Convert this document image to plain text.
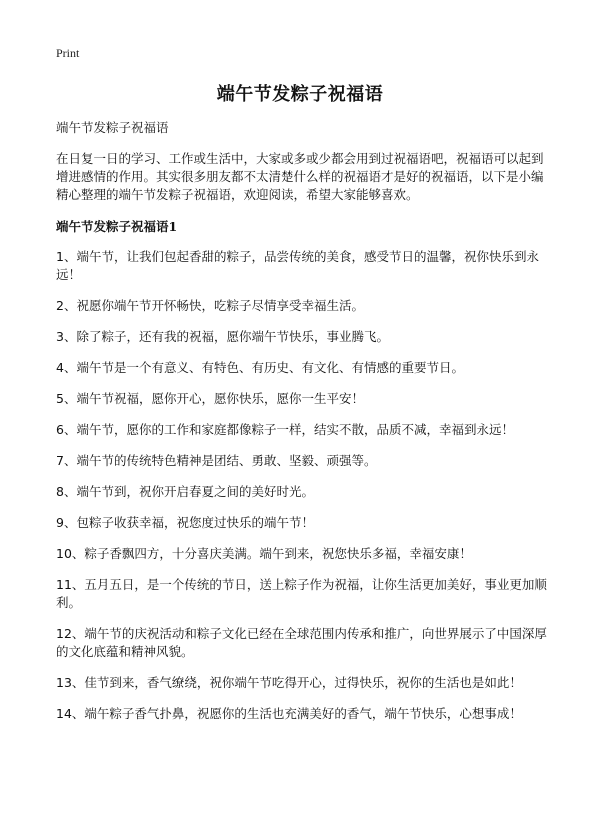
Print
端午节发粽子祝福语

端午节发粽子祝福语

在日复一日的学习、工作或生活中，大家或多或少都会用到过祝福语吧，祝福语可以起到增进感情的作用。其实很多朋友都不太清楚什么样的祝福语才是好的祝福语，以下是小编精心整理的端午节发粽子祝福语，欢迎阅读，希望大家能够喜欢。

端午节发粽子祝福语1

1、端午节，让我们包起香甜的粽子，品尝传统的美食，感受节日的温馨，祝你快乐到永远！
2、祝愿你端午节开怀畅快，吃粽子尽情享受幸福生活。
3、除了粽子，还有我的祝福，愿你端午节快乐，事业腾飞。
4、端午节是一个有意义、有特色、有历史、有文化、有情感的重要节日。
5、端午节祝福，愿你开心，愿你快乐，愿你一生平安！
6、端午节，愿你的工作和家庭都像粽子一样，结实不散，品质不减，幸福到永远！
7、端午节的传统特色精神是团结、勇敢、坚毅、顽强等。
8、端午节到，祝你开启春夏之间的美好时光。
9、包粽子收获幸福，祝您度过快乐的端午节！
10、粽子香飘四方，十分喜庆美满。端午到来，祝您快乐多福，幸福安康！
11、五月五日，是一个传统的节日，送上粽子作为祝福，让你生活更加美好，事业更加顺利。
12、端午节的庆祝活动和粽子文化已经在全球范围内传承和推广，向世界展示了中国深厚的文化底蕴和精神风貌。
13、佳节到来，香气缭绕，祝你端午节吃得开心，过得快乐，祝你的生活也是如此！
14、端午粽子香气扑鼻，祝愿你的生活也充满美好的香气，端午节快乐，心想事成！
